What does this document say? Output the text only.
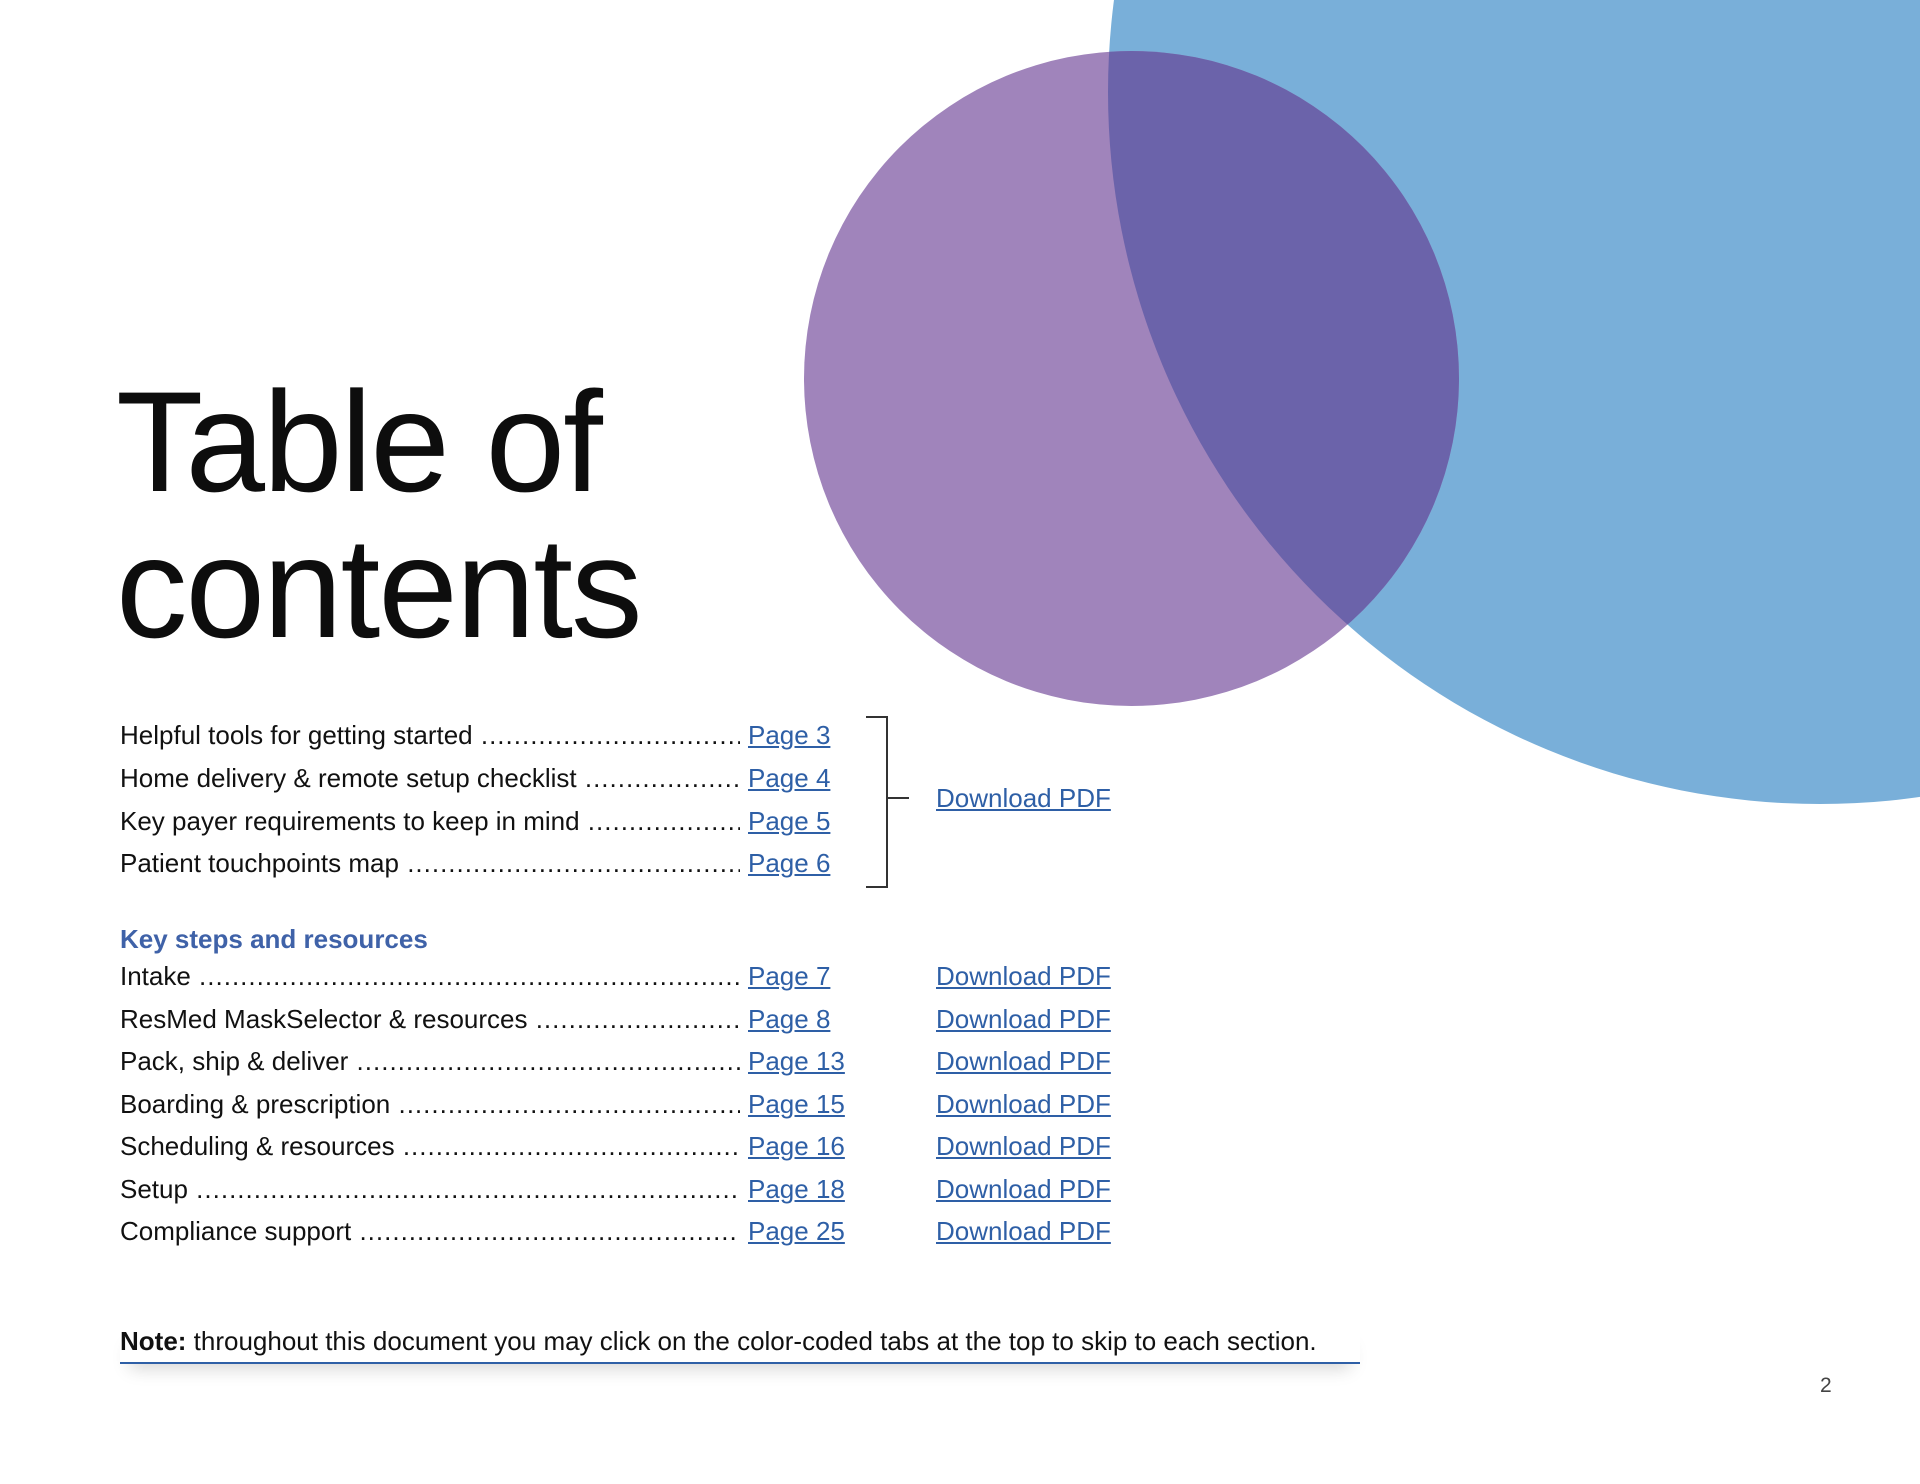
Table of
contents
Helpful tools for getting started .....	Page 3
Home delivery & remote setup checklist .....	Page 4
Key payer requirements to keep in mind .....	Page 5
Patient touchpoints map .....	Page 6
Download PDF
Key steps and resources
Intake .....	Page 7	Download PDF
ResMed MaskSelector & resources .....	Page 8	Download PDF
Pack, ship & deliver .....	Page 13	Download PDF
Boarding & prescription .....	Page 15	Download PDF
Scheduling & resources .....	Page 16	Download PDF
Setup .....	Page 18	Download PDF
Compliance support .....	Page 25	Download PDF
Note: throughout this document you may click on the color-coded tabs at the top to skip to each section.
2
